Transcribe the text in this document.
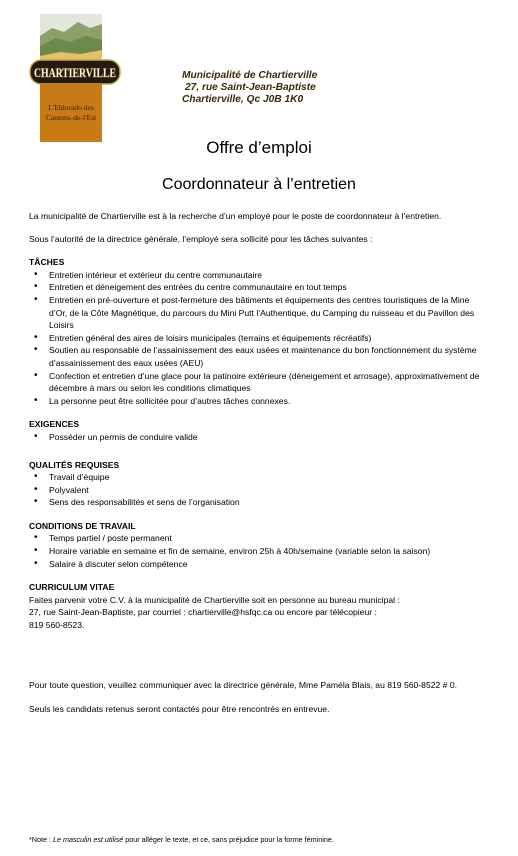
CHARTIERVILLE
L'Eldorado des
Cantons-de-l'Est
Municipalité de Chartierville
27, rue Saint-Jean-Baptiste
Chartierville, Qc J0B 1K0
Offre d’emploi
Coordonnateur à l’entretien

La municipalité de Chartierville est à la recherche d’un employé pour le poste de coordonnateur à l’entretien.

Sous l’autorité de la directrice générale, l’employé sera sollicité pour les tâches suivantes :

TÂCHES

• Entretien intérieur et extérieur du centre communautaire
• Entretien et déneigement des entrées du centre communautaire en tout temps
• Entretien en pré-ouverture et post-fermeture des bâtiments et équipements des centres touristiques de la Mine d’Or, de la Côte Magnétique, du parcours du Mini Putt l’Authentique, du Camping du ruisseau et du Pavillon des Loisirs
• Entretien général des aires de loisirs municipales (terrains et équipements récréatifs)
• Soutien au responsable de l’assainissement des eaux usées et maintenance du bon fonctionnement du système d’assainissement des eaux usées (AEU)
• Confection et entretien d’une glace pour la patinoire extérieure (déneigement et arrosage), approximativement de décembre à mars ou selon les conditions climatiques
• La personne peut être sollicitée pour d’autres tâches connexes.

EXIGENCES

• Posséder un permis de conduire valide

QUALITÉS REQUISES

• Travail d’équipe
• Polyvalent
• Sens des responsabilités et sens de l’organisation

CONDITIONS DE TRAVAIL

• Temps partiel / poste permanent
• Horaire variable en semaine et fin de semaine, environ 25h à 40h/semaine (variable selon la saison)
• Salaire à discuter selon compétence

CURRICULUM VITAE

Faites parvenir votre C.V. à la municipalité de Chartierville soit en personne au bureau municipal :

27, rue Saint-Jean-Baptiste, par courriel : chartierville@hsfqc.ca ou encore par télécopieur :

819 560-8523.

Pour toute question, veuillez communiquer avec la directrice générale, Mme Paméla Blais, au 819 560-8522 # 0.

Seuls les candidats retenus seront contactés pour être rencontrés en entrevue.

*Note : Le masculin est utilisé pour alléger le texte, et ce, sans préjudice pour la forme féminine.
